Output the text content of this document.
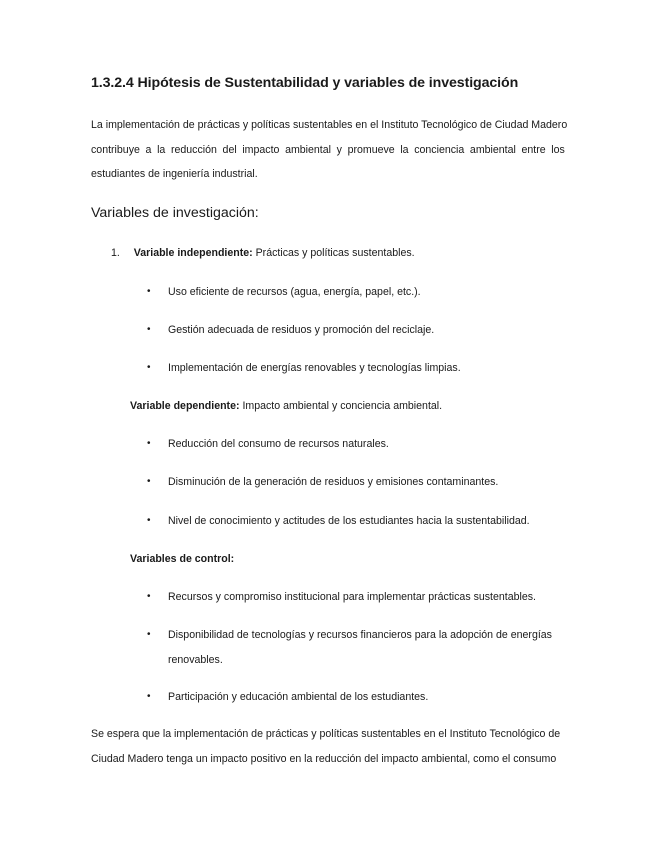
1.3.2.4 Hipótesis de Sustentabilidad y variables de investigación
La implementación de prácticas y políticas sustentables en el Instituto Tecnológico de Ciudad Madero
contribuye a la reducción del impacto ambiental y promueve la conciencia ambiental entre los
estudiantes de ingeniería industrial.
Variables de investigación:
1. Variable independiente: Prácticas y políticas sustentables.
• Uso eficiente de recursos (agua, energía, papel, etc.).
• Gestión adecuada de residuos y promoción del reciclaje.
• Implementación de energías renovables y tecnologías limpias.
Variable dependiente: Impacto ambiental y conciencia ambiental.
• Reducción del consumo de recursos naturales.
• Disminución de la generación de residuos y emisiones contaminantes.
• Nivel de conocimiento y actitudes de los estudiantes hacia la sustentabilidad.
Variables de control:
• Recursos y compromiso institucional para implementar prácticas sustentables.
• Disponibilidad de tecnologías y recursos financieros para la adopción de energías
renovables.
• Participación y educación ambiental de los estudiantes.
Se espera que la implementación de prácticas y políticas sustentables en el Instituto Tecnológico de
Ciudad Madero tenga un impacto positivo en la reducción del impacto ambiental, como el consumo
